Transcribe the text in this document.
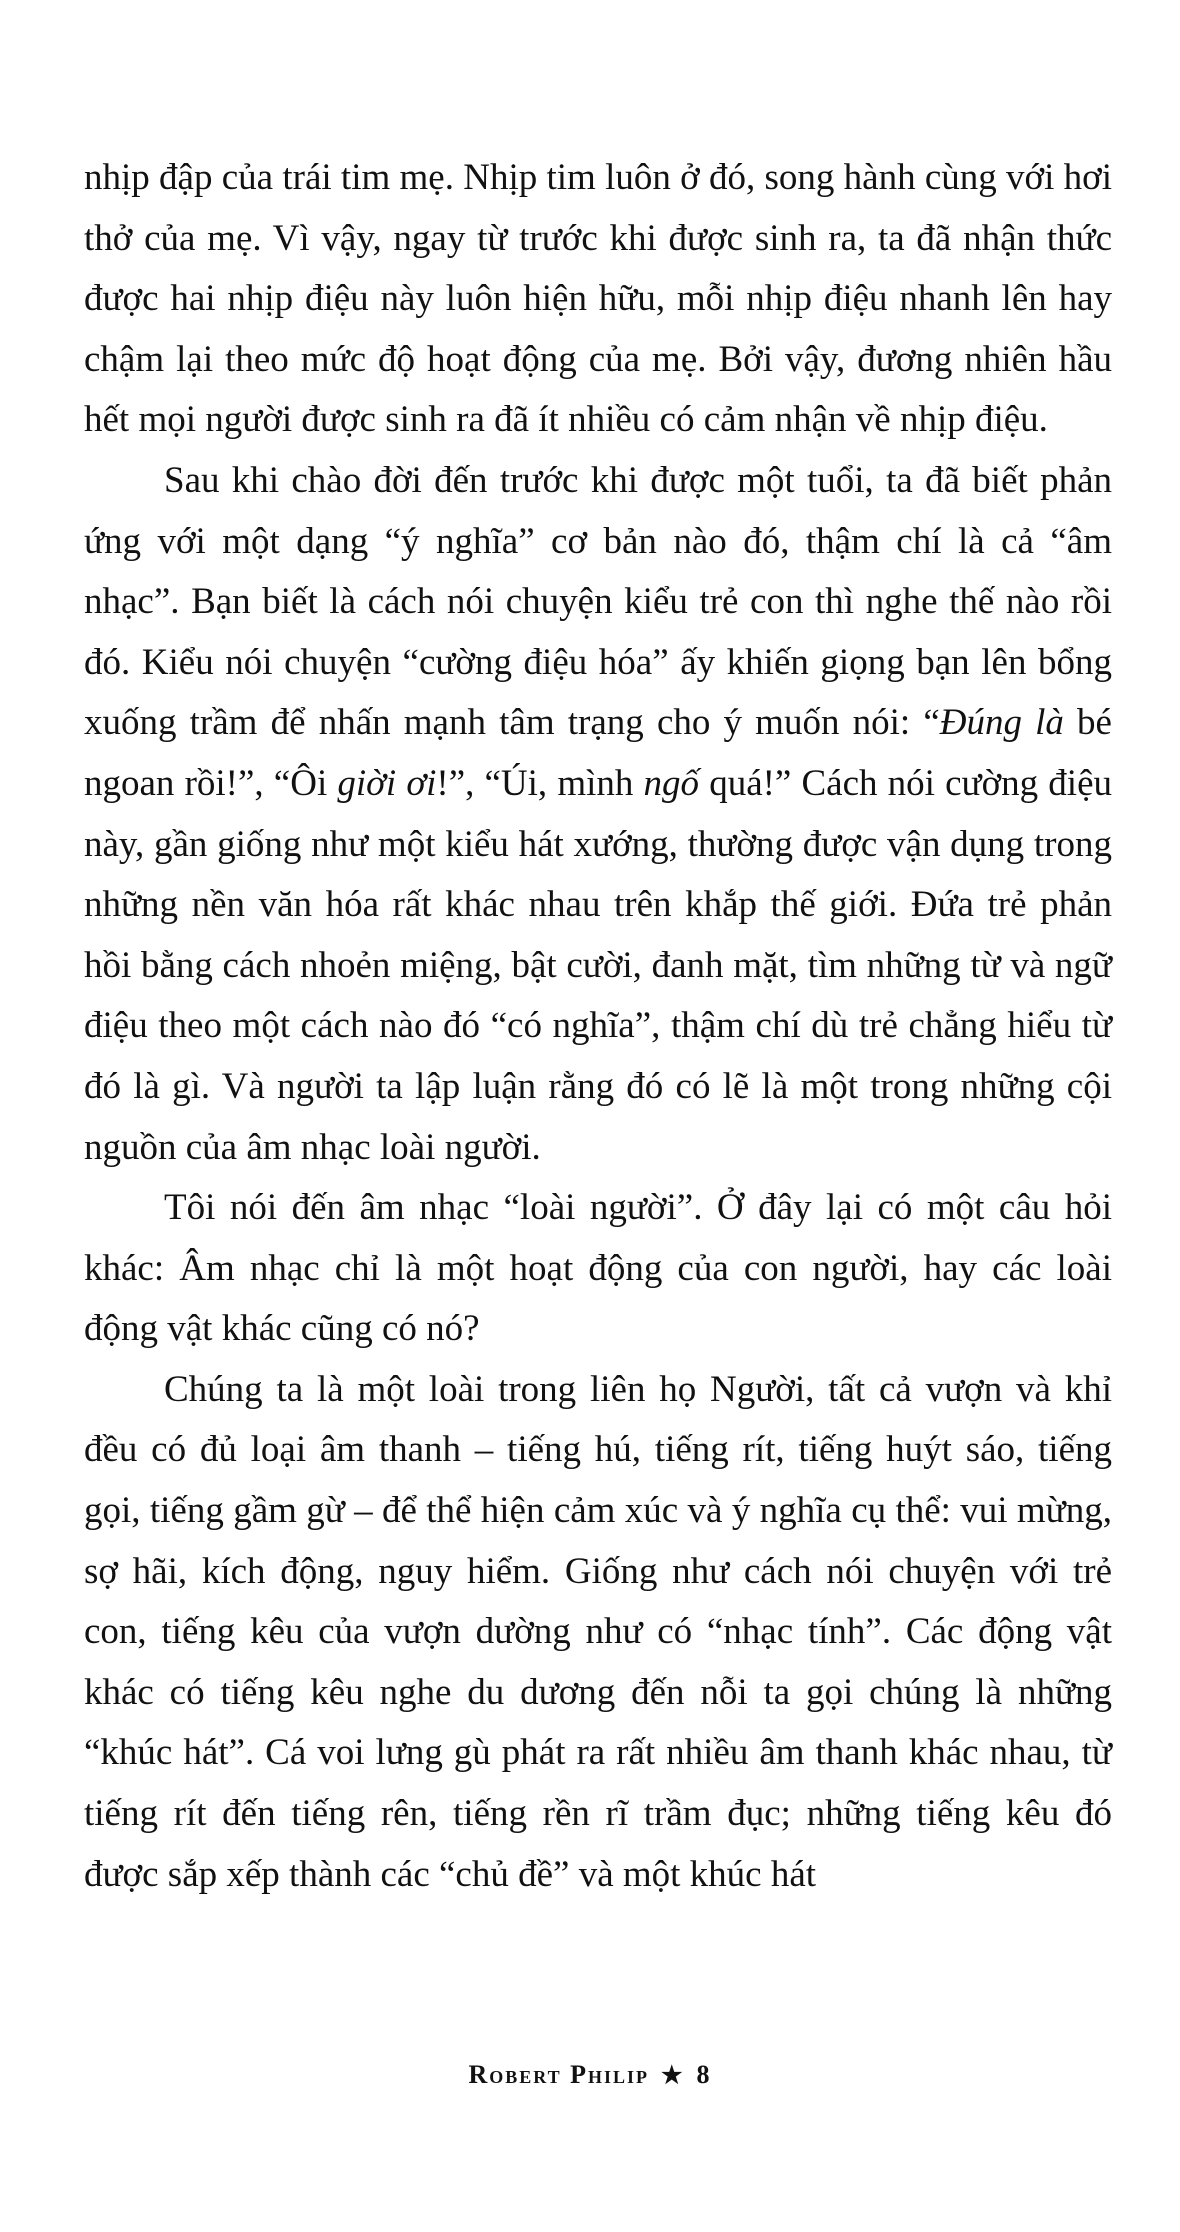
nhịp đập của trái tim mẹ. Nhịp tim luôn ở đó, song hành cùng với hơi thở của mẹ. Vì vậy, ngay từ trước khi được sinh ra, ta đã nhận thức được hai nhịp điệu này luôn hiện hữu, mỗi nhịp điệu nhanh lên hay chậm lại theo mức độ hoạt động của mẹ. Bởi vậy, đương nhiên hầu hết mọi người được sinh ra đã ít nhiều có cảm nhận về nhịp điệu.

Sau khi chào đời đến trước khi được một tuổi, ta đã biết phản ứng với một dạng “ý nghĩa” cơ bản nào đó, thậm chí là cả “âm nhạc”. Bạn biết là cách nói chuyện kiểu trẻ con thì nghe thế nào rồi đó. Kiểu nói chuyện “cường điệu hóa” ấy khiến giọng bạn lên bổng xuống trầm để nhấn mạnh tâm trạng cho ý muốn nói: “Đúng là bé ngoan rồi!”, “Ôi giời ơi!”, “Úi, mình ngố quá!” Cách nói cường điệu này, gần giống như một kiểu hát xướng, thường được vận dụng trong những nền văn hóa rất khác nhau trên khắp thế giới. Đứa trẻ phản hồi bằng cách nhoẻn miệng, bật cười, đanh mặt, tìm những từ và ngữ điệu theo một cách nào đó “có nghĩa”, thậm chí dù trẻ chẳng hiểu từ đó là gì. Và người ta lập luận rằng đó có lẽ là một trong những cội nguồn của âm nhạc loài người.

Tôi nói đến âm nhạc “loài người”. Ở đây lại có một câu hỏi khác: Âm nhạc chỉ là một hoạt động của con người, hay các loài động vật khác cũng có nó?

Chúng ta là một loài trong liên họ Người, tất cả vượn và khỉ đều có đủ loại âm thanh – tiếng hú, tiếng rít, tiếng huýt sáo, tiếng gọi, tiếng gầm gừ – để thể hiện cảm xúc và ý nghĩa cụ thể: vui mừng, sợ hãi, kích động, nguy hiểm. Giống như cách nói chuyện với trẻ con, tiếng kêu của vượn dường như có “nhạc tính”. Các động vật khác có tiếng kêu nghe du dương đến nỗi ta gọi chúng là những “khúc hát”. Cá voi lưng gù phát ra rất nhiều âm thanh khác nhau, từ tiếng rít đến tiếng rên, tiếng rền rĩ trầm đục; những tiếng kêu đó được sắp xếp thành các “chủ đề” và một khúc hát

Robert Philip ★ 8
